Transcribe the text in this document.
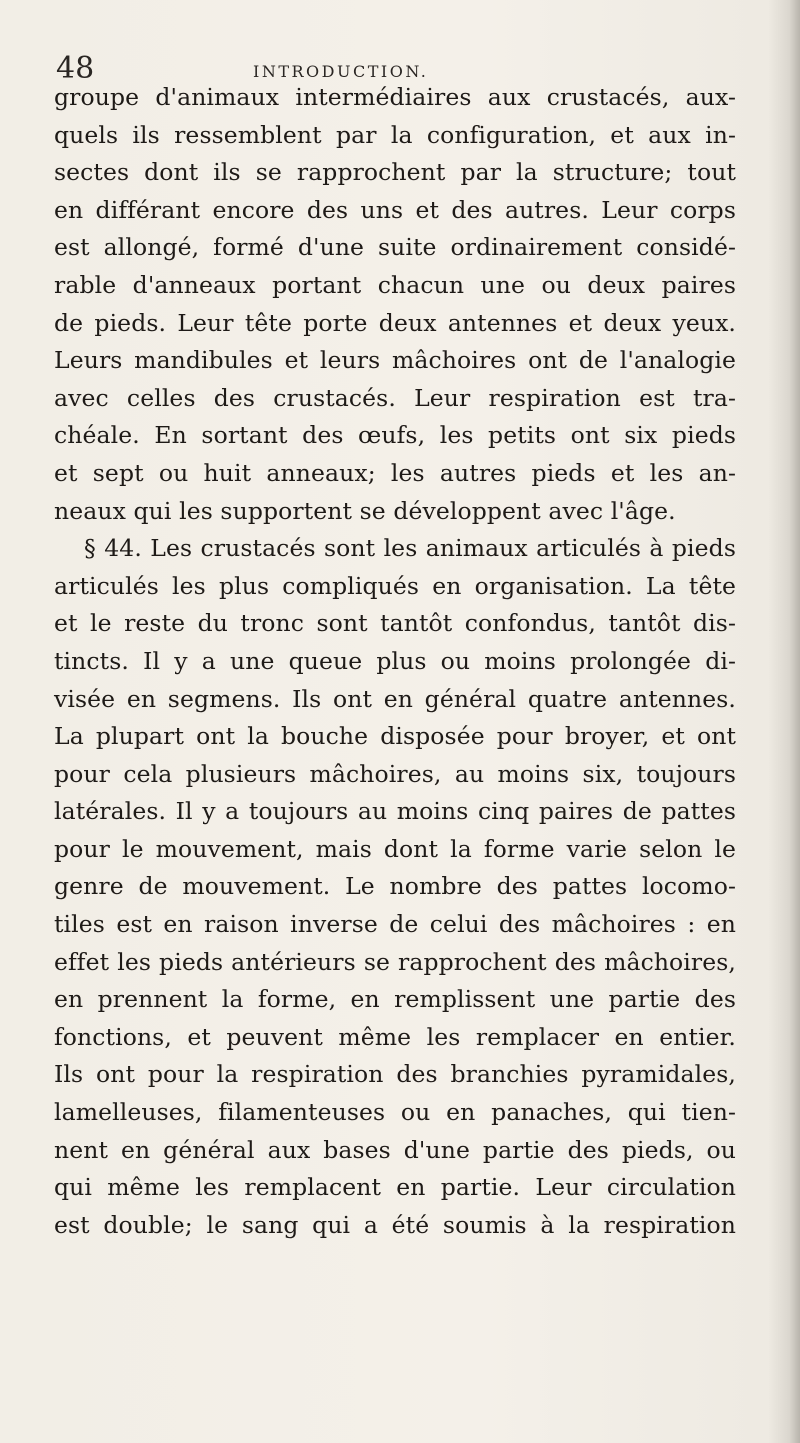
48	INTRODUCTION.
groupe d'animaux intermédiaires aux crustacés, aux-
quels ils ressemblent par la configuration, et aux in-
sectes dont ils se rapprochent par la structure; tout
en différant encore des uns et des autres. Leur corps
est allongé, formé d'une suite ordinairement considé-
rable d'anneaux portant chacun une ou deux paires
de pieds. Leur tête porte deux antennes et deux yeux.
Leurs mandibules et leurs mâchoires ont de l'analogie
avec celles des crustacés. Leur respiration est tra-
chéale. En sortant des œufs, les petits ont six pieds
et sept ou huit anneaux; les autres pieds et les an-
neaux qui les supportent se développent avec l'âge.
§ 44. Les crustacés sont les animaux articulés à pieds
articulés les plus compliqués en organisation. La tête
et le reste du tronc sont tantôt confondus, tantôt dis-
tincts. Il y a une queue plus ou moins prolongée di-
visée en segmens. Ils ont en général quatre antennes.
La plupart ont la bouche disposée pour broyer, et ont
pour cela plusieurs mâchoires, au moins six, toujours
latérales. Il y a toujours au moins cinq paires de pattes
pour le mouvement, mais dont la forme varie selon le
genre de mouvement. Le nombre des pattes locomo-
tiles est en raison inverse de celui des mâchoires : en
effet les pieds antérieurs se rapprochent des mâchoires,
en prennent la forme, en remplissent une partie des
fonctions, et peuvent même les remplacer en entier.
Ils ont pour la respiration des branchies pyramidales,
lamelleuses, filamenteuses ou en panaches, qui tien-
nent en général aux bases d'une partie des pieds, ou
qui même les remplacent en partie. Leur circulation
est double; le sang qui a été soumis à la respiration
